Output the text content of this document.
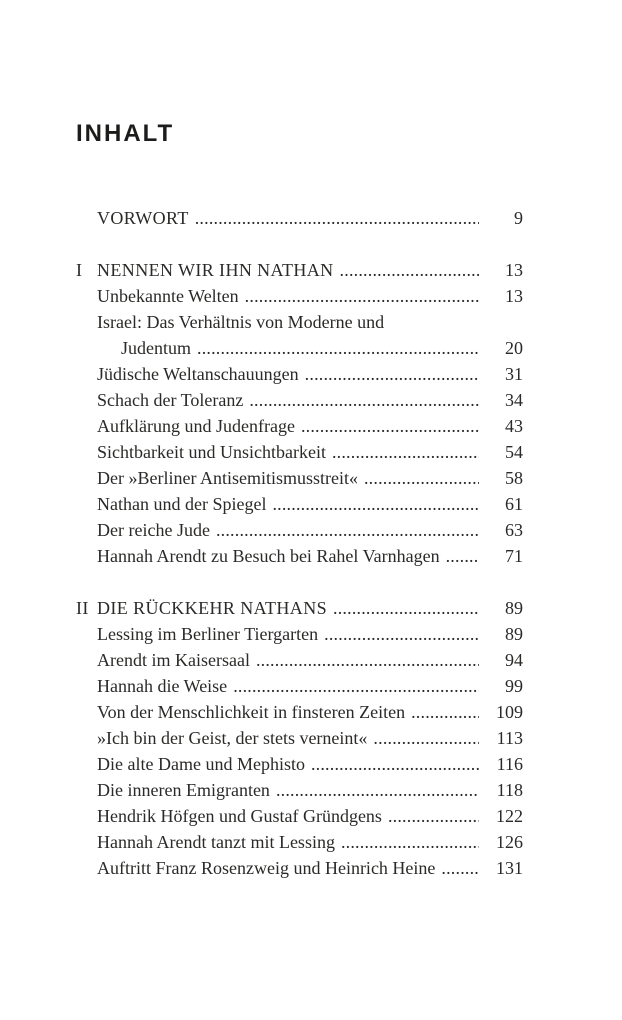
INHALT
VORWORT .....	9
I NENNEN WIR IHN NATHAN .....	13
Unbekannte Welten .....	13
Israel: Das Verhältnis von Moderne und
Judentum .....	20
Jüdische Weltanschauungen .....	31
Schach der Toleranz .....	34
Aufklärung und Judenfrage .....	43
Sichtbarkeit und Unsichtbarkeit .....	54
Der »Berliner Antisemitismusstreit« .....	58
Nathan und der Spiegel .....	61
Der reiche Jude .....	63
Hannah Arendt zu Besuch bei Rahel Varnhagen .....	71
II DIE RÜCKKEHR NATHANS .....	89
Lessing im Berliner Tiergarten .....	89
Arendt im Kaisersaal .....	94
Hannah die Weise .....	99
Von der Menschlichkeit in finsteren Zeiten .....	109
»Ich bin der Geist, der stets verneint« .....	113
Die alte Dame und Mephisto .....	116
Die inneren Emigranten .....	118
Hendrik Höfgen und Gustaf Gründgens .....	122
Hannah Arendt tanzt mit Lessing .....	126
Auftritt Franz Rosenzweig und Heinrich Heine .....	131
